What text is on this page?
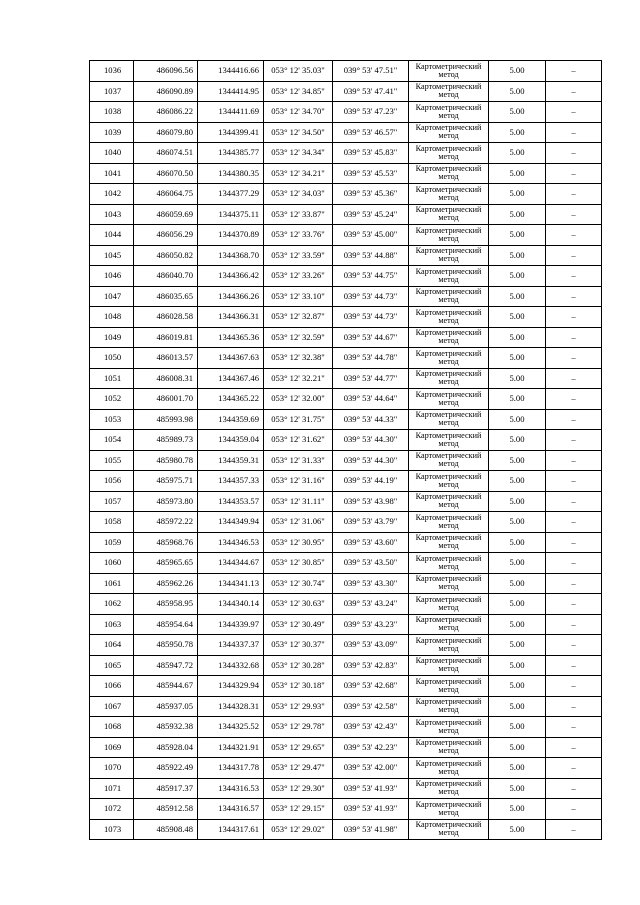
1036	486096.56	1344416.66	053° 12' 35.03"	039° 53' 47.51"	Картометрический метод	5.00	–
1037	486090.89	1344414.95	053° 12' 34.85"	039° 53' 47.41"	Картометрический метод	5.00	–
1038	486086.22	1344411.69	053° 12' 34.70"	039° 53' 47.23"	Картометрический метод	5.00	–
1039	486079.80	1344399.41	053° 12' 34.50"	039° 53' 46.57"	Картометрический метод	5.00	–
1040	486074.51	1344385.77	053° 12' 34.34"	039° 53' 45.83"	Картометрический метод	5.00	–
1041	486070.50	1344380.35	053° 12' 34.21"	039° 53' 45.53"	Картометрический метод	5.00	–
1042	486064.75	1344377.29	053° 12' 34.03"	039° 53' 45.36"	Картометрический метод	5.00	–
1043	486059.69	1344375.11	053° 12' 33.87"	039° 53' 45.24"	Картометрический метод	5.00	–
1044	486056.29	1344370.89	053° 12' 33.76"	039° 53' 45.00"	Картометрический метод	5.00	–
1045	486050.82	1344368.70	053° 12' 33.59"	039° 53' 44.88"	Картометрический метод	5.00	–
1046	486040.70	1344366.42	053° 12' 33.26"	039° 53' 44.75"	Картометрический метод	5.00	–
1047	486035.65	1344366.26	053° 12' 33.10"	039° 53' 44.73"	Картометрический метод	5.00	–
1048	486028.58	1344366.31	053° 12' 32.87"	039° 53' 44.73"	Картометрический метод	5.00	–
1049	486019.81	1344365.36	053° 12' 32.59"	039° 53' 44.67"	Картометрический метод	5.00	–
1050	486013.57	1344367.63	053° 12' 32.38"	039° 53' 44.78"	Картометрический метод	5.00	–
1051	486008.31	1344367.46	053° 12' 32.21"	039° 53' 44.77"	Картометрический метод	5.00	–
1052	486001.70	1344365.22	053° 12' 32.00"	039° 53' 44.64"	Картометрический метод	5.00	–
1053	485993.98	1344359.69	053° 12' 31.75"	039° 53' 44.33"	Картометрический метод	5.00	–
1054	485989.73	1344359.04	053° 12' 31.62"	039° 53' 44.30"	Картометрический метод	5.00	–
1055	485980.78	1344359.31	053° 12' 31.33"	039° 53' 44.30"	Картометрический метод	5.00	–
1056	485975.71	1344357.33	053° 12' 31.16"	039° 53' 44.19"	Картометрический метод	5.00	–
1057	485973.80	1344353.57	053° 12' 31.11"	039° 53' 43.98"	Картометрический метод	5.00	–
1058	485972.22	1344349.94	053° 12' 31.06"	039° 53' 43.79"	Картометрический метод	5.00	–
1059	485968.76	1344346.53	053° 12' 30.95"	039° 53' 43.60"	Картометрический метод	5.00	–
1060	485965.65	1344344.67	053° 12' 30.85"	039° 53' 43.50"	Картометрический метод	5.00	–
1061	485962.26	1344341.13	053° 12' 30.74"	039° 53' 43.30"	Картометрический метод	5.00	–
1062	485958.95	1344340.14	053° 12' 30.63"	039° 53' 43.24"	Картометрический метод	5.00	–
1063	485954.64	1344339.97	053° 12' 30.49"	039° 53' 43.23"	Картометрический метод	5.00	–
1064	485950.78	1344337.37	053° 12' 30.37"	039° 53' 43.09"	Картометрический метод	5.00	–
1065	485947.72	1344332.68	053° 12' 30.28"	039° 53' 42.83"	Картометрический метод	5.00	–
1066	485944.67	1344329.94	053° 12' 30.18"	039° 53' 42.68"	Картометрический метод	5.00	–
1067	485937.05	1344328.31	053° 12' 29.93"	039° 53' 42.58"	Картометрический метод	5.00	–
1068	485932.38	1344325.52	053° 12' 29.78"	039° 53' 42.43"	Картометрический метод	5.00	–
1069	485928.04	1344321.91	053° 12' 29.65"	039° 53' 42.23"	Картометрический метод	5.00	–
1070	485922.49	1344317.78	053° 12' 29.47"	039° 53' 42.00"	Картометрический метод	5.00	–
1071	485917.37	1344316.53	053° 12' 29.30"	039° 53' 41.93"	Картометрический метод	5.00	–
1072	485912.58	1344316.57	053° 12' 29.15"	039° 53' 41.93"	Картометрический метод	5.00	–
1073	485908.48	1344317.61	053° 12' 29.02"	039° 53' 41.98"	Картометрический метод	5.00	–
